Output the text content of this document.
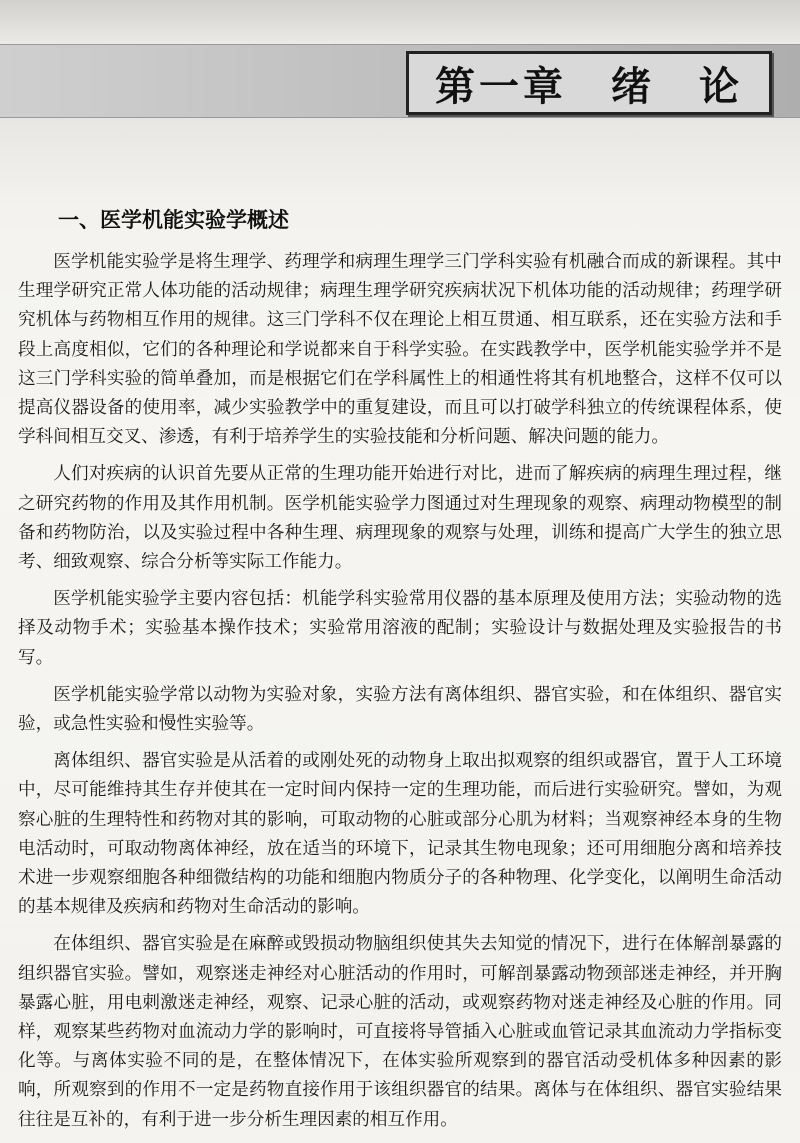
第一章　绪　论
一、医学机能实验学概述

医学机能实验学是将生理学、药理学和病理生理学三门学科实验有机融合而成的新课程。其中生理学研究正常人体功能的活动规律；病理生理学研究疾病状况下机体功能的活动规律；药理学研究机体与药物相互作用的规律。这三门学科不仅在理论上相互贯通、相互联系，还在实验方法和手段上高度相似，它们的各种理论和学说都来自于科学实验。在实践教学中，医学机能实验学并不是这三门学科实验的简单叠加，而是根据它们在学科属性上的相通性将其有机地整合，这样不仅可以提高仪器设备的使用率，减少实验教学中的重复建设，而且可以打破学科独立的传统课程体系，使学科间相互交叉、渗透，有利于培养学生的实验技能和分析问题、解决问题的能力。

人们对疾病的认识首先要从正常的生理功能开始进行对比，进而了解疾病的病理生理过程，继之研究药物的作用及其作用机制。医学机能实验学力图通过对生理现象的观察、病理动物模型的制备和药物防治，以及实验过程中各种生理、病理现象的观察与处理，训练和提高广大学生的独立思考、细致观察、综合分析等实际工作能力。

医学机能实验学主要内容包括：机能学科实验常用仪器的基本原理及使用方法；实验动物的选择及动物手术；实验基本操作技术；实验常用溶液的配制；实验设计与数据处理及实验报告的书写。

医学机能实验学常以动物为实验对象，实验方法有离体组织、器官实验，和在体组织、器官实验，或急性实验和慢性实验等。

离体组织、器官实验是从活着的或刚处死的动物身上取出拟观察的组织或器官，置于人工环境中，尽可能维持其生存并使其在一定时间内保持一定的生理功能，而后进行实验研究。譬如，为观察心脏的生理特性和药物对其的影响，可取动物的心脏或部分心肌为材料；当观察神经本身的生物电活动时，可取动物离体神经，放在适当的环境下，记录其生物电现象；还可用细胞分离和培养技术进一步观察细胞各种细微结构的功能和细胞内物质分子的各种物理、化学变化，以阐明生命活动的基本规律及疾病和药物对生命活动的影响。

在体组织、器官实验是在麻醉或毁损动物脑组织使其失去知觉的情况下，进行在体解剖暴露的组织器官实验。譬如，观察迷走神经对心脏活动的作用时，可解剖暴露动物颈部迷走神经，并开胸暴露心脏，用电刺激迷走神经，观察、记录心脏的活动，或观察药物对迷走神经及心脏的作用。同样，观察某些药物对血流动力学的影响时，可直接将导管插入心脏或血管记录其血流动力学指标变化等。与离体实验不同的是，在整体情况下，在体实验所观察到的器官活动受机体多种因素的影响，所观察到的作用不一定是药物直接作用于该组织器官的结果。离体与在体组织、器官实验结果往往是互补的，有利于进一步分析生理因素的相互作用。
